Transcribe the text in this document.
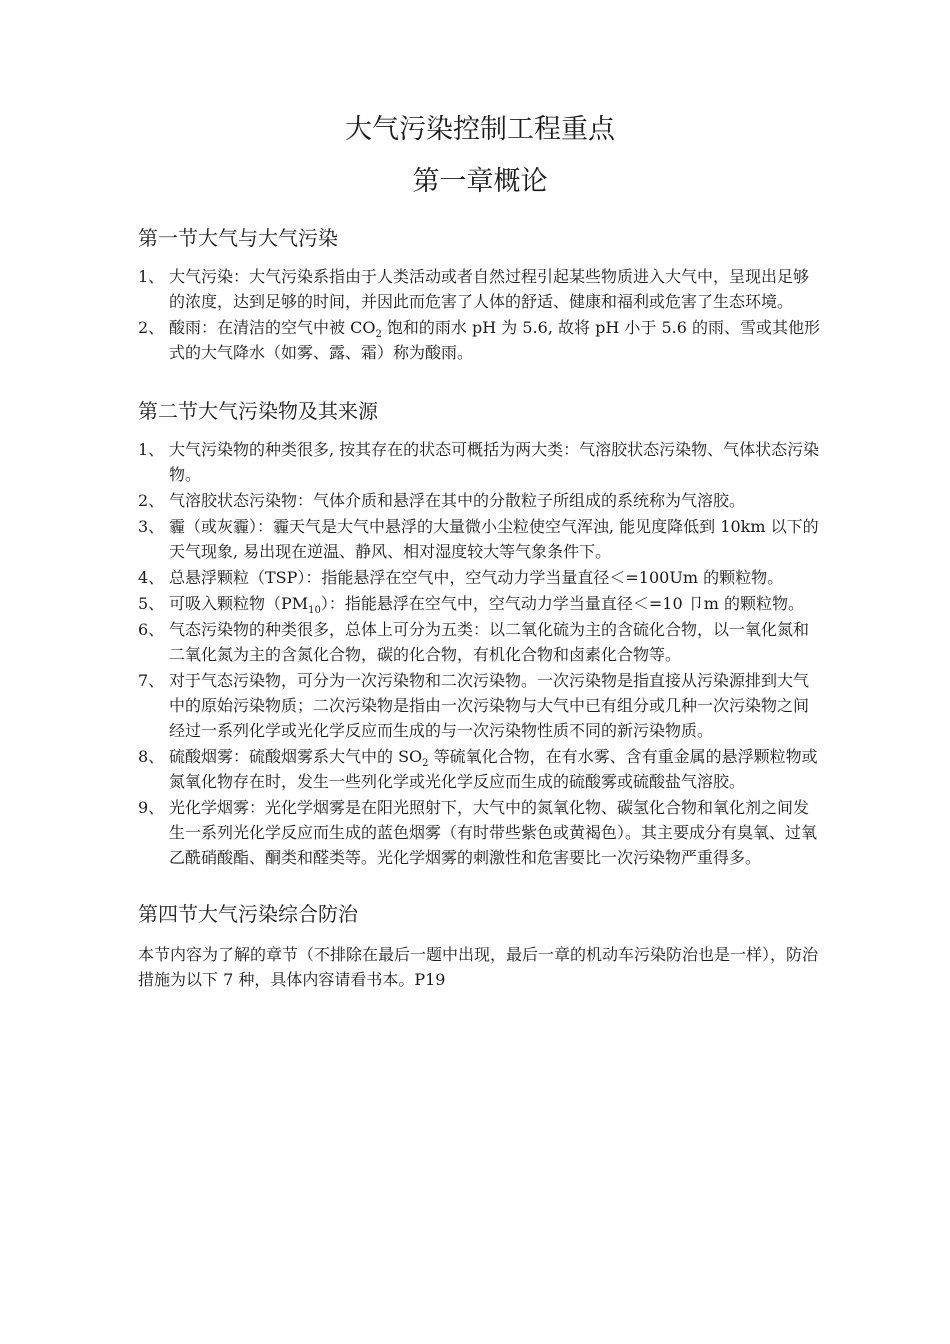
大气污染控制工程重点
第一章概论
第一节大气与大气污染
1、 大气污染：大气污染系指由于人类活动或者自然过程引起某些物质进入大气中，呈现出足够的浓度，达到足够的时间，并因此而危害了人体的舒适、健康和福利或危害了生态环境。
2、 酸雨：在清洁的空气中被 $CO_2$ 饱和的雨水 pH 为 5.6, 故将 pH 小于 5.6 的雨、雪或其他形式的大气降水（如雾、露、霜）称为酸雨。
第二节大气污染物及其来源
1、 大气污染物的种类很多, 按其存在的状态可概括为两大类：气溶胶状态污染物、气体状态污染物。
2、 气溶胶状态污染物：气体介质和悬浮在其中的分散粒子所组成的系统称为气溶胶。
3、 霾（或灰霾）：霾天气是大气中悬浮的大量微小尘粒使空气浑浊, 能见度降低到 10km 以下的天气现象, 易出现在逆温、静风、相对湿度较大等气象条件下。
4、 总悬浮颗粒（TSP）：指能悬浮在空气中，空气动力学当量直径＜=100Um 的颗粒物。
5、 可吸入颗粒物$(PM_{10})$：指能悬浮在空气中，空气动力学当量直径＜=10 卩m 的颗粒物。
6、 气态污染物的种类很多，总体上可分为五类：以二氧化硫为主的含硫化合物，以一氧化氮和二氧化氮为主的含氮化合物，碳的化合物，有机化合物和卤素化合物等。
7、 对于气态污染物，可分为一次污染物和二次污染物。一次污染物是指直接从污染源排到大气中的原始污染物质；二次污染物是指由一次污染物与大气中已有组分或几种一次污染物之间经过一系列化学或光化学反应而生成的与一次污染物性质不同的新污染物质。
8、 硫酸烟雾：硫酸烟雾系大气中的 $SO_2$ 等硫氧化合物，在有水雾、含有重金属的悬浮颗粒物或氮氧化物存在时，发生一些列化学或光化学反应而生成的硫酸雾或硫酸盐气溶胶。
9、 光化学烟雾：光化学烟雾是在阳光照射下，大气中的氮氧化物、碳氢化合物和氧化剂之间发生一系列光化学反应而生成的蓝色烟雾（有时带些紫色或黄褐色）。其主要成分有臭氧、过氧乙酰硝酸酯、酮类和醛类等。光化学烟雾的刺激性和危害要比一次污染物严重得多。
第四节大气污染综合防治

本节内容为了解的章节（不排除在最后一题中出现，最后一章的机动车污染防治也是一样），防治措施为以下 7 种，具体内容请看书本。P19
